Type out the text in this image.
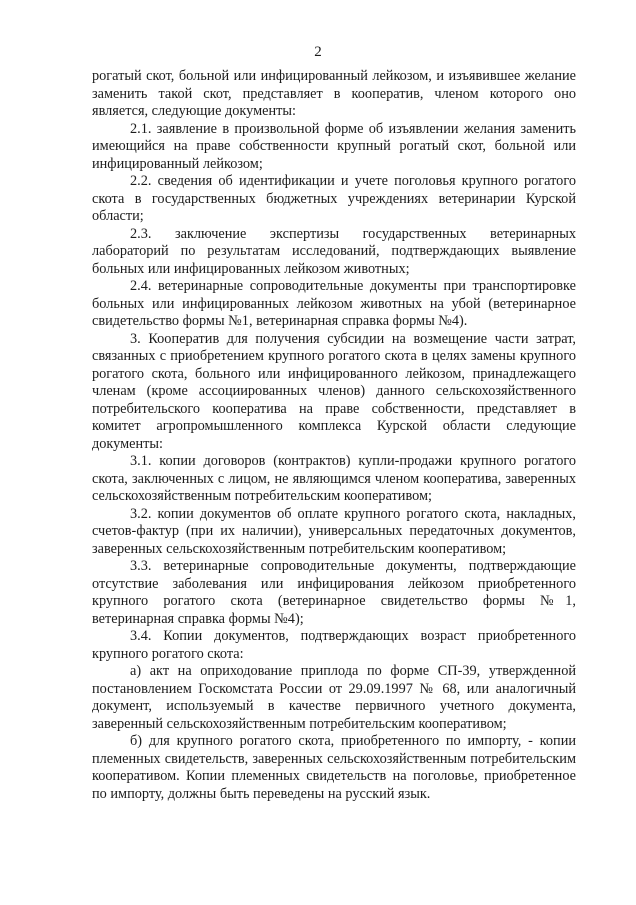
2

рогатый скот, больной или инфицированный лейкозом, и изъявившее желание заменить такой скот, представляет в кооператив, членом которого оно является, следующие документы:

2.1. заявление в произвольной форме об изъявлении желания заменить имеющийся на праве собственности крупный рогатый скот, больной или инфицированный лейкозом;

2.2. сведения об идентификации и учете поголовья крупного рогатого скота в государственных бюджетных учреждениях ветеринарии Курской области;

2.3. заключение экспертизы государственных ветеринарных лабораторий по результатам исследований, подтверждающих выявление больных или инфицированных лейкозом животных;

2.4. ветеринарные сопроводительные документы при транспортировке больных или инфицированных лейкозом животных на убой (ветеринарное свидетельство формы №1, ветеринарная справка формы №4).

3. Кооператив для получения субсидии на возмещение части затрат, связанных с приобретением крупного рогатого скота в целях замены крупного рогатого скота, больного или инфицированного лейкозом, принадлежащего членам (кроме ассоциированных членов) данного сельскохозяйственного потребительского кооператива на праве собственности, представляет в комитет агропромышленного комплекса Курской области следующие документы:

3.1. копии договоров (контрактов) купли-продажи крупного рогатого скота, заключенных с лицом, не являющимся членом кооператива, заверенных сельскохозяйственным потребительским кооперативом;

3.2. копии документов об оплате крупного рогатого скота, накладных, счетов-фактур (при их наличии), универсальных передаточных документов, заверенных сельскохозяйственным потребительским кооперативом;

3.3. ветеринарные сопроводительные документы, подтверждающие отсутствие заболевания или инфицирования лейкозом приобретенного крупного рогатого скота (ветеринарное свидетельство формы №1, ветеринарная справка формы №4);

3.4. Копии документов, подтверждающих возраст приобретенного крупного рогатого скота:

а) акт на оприходование приплода по форме СП-39, утвержденной постановлением Госкомстата России от 29.09.1997 № 68, или аналогичный документ, используемый в качестве первичного учетного документа, заверенный сельскохозяйственным потребительским кооперативом;

б) для крупного рогатого скота, приобретенного по импорту, - копии племенных свидетельств, заверенных сельскохозяйственным потребительским кооперативом. Копии племенных свидетельств на поголовье, приобретенное по импорту, должны быть переведены на русский язык.
